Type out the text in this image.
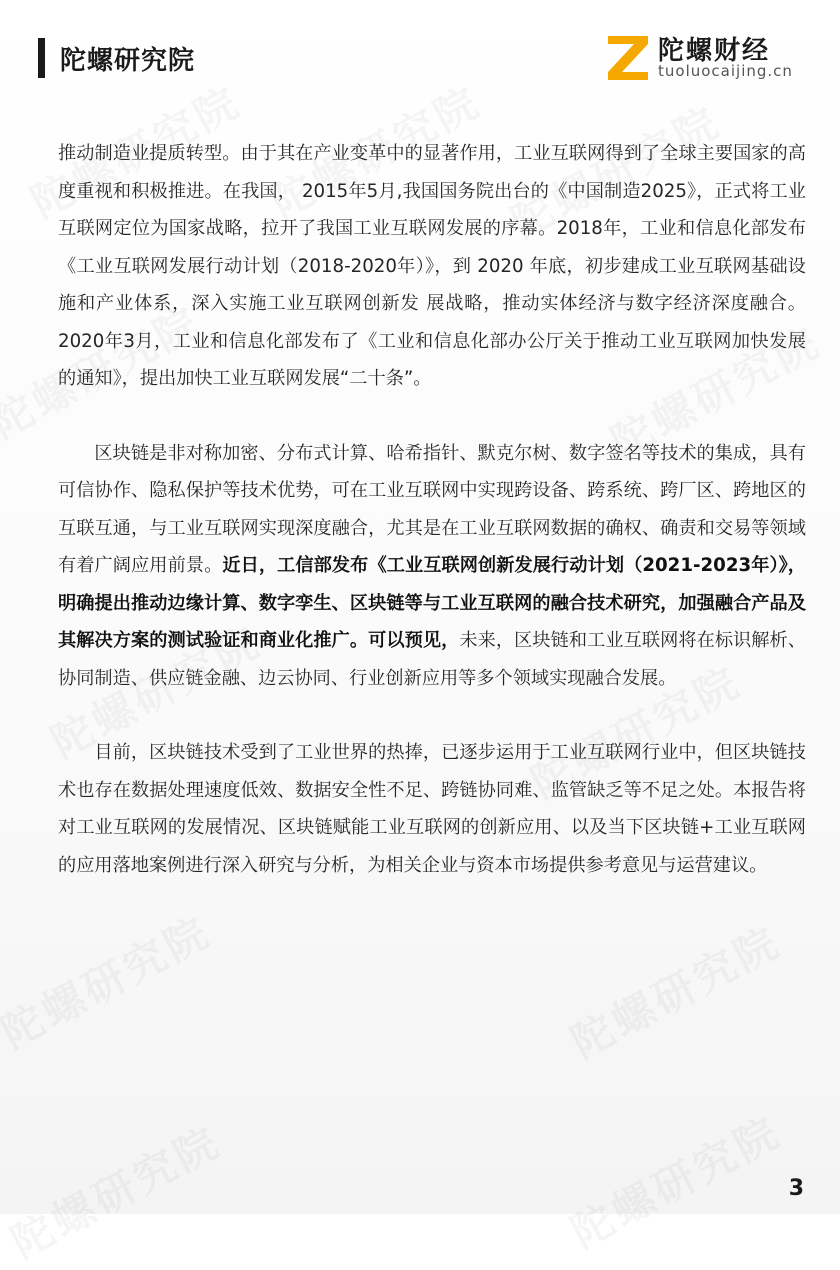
陀螺研究院	陀螺财经
tuoluocaijing.cn

推动制造业提质转型。由于其在产业变革中的显著作用，工业互联网得到了全球主要国家的高度重视和积极推进。在我国， 2015年5月,我国国务院出台的《中国制造2025》，正式将工业互联网定位为国家战略，拉开了我国工业互联网发展的序幕。2018年，工业和信息化部发布《工业互联网发展行动计划（2018-2020年）》，到 2020 年底，初步建成工业互联网基础设施和产业体系，深入实施工业互联网创新发 展战略，推动实体经济与数字经济深度融合。2020年3月，工业和信息化部发布了《工业和信息化部办公厅关于推动工业互联网加快发展的通知》，提出加快工业互联网发展“二十条”。

区块链是非对称加密、分布式计算、哈希指针、默克尔树、数字签名等技术的集成，具有可信协作、隐私保护等技术优势，可在工业互联网中实现跨设备、跨系统、跨厂区、跨地区的互联互通，与工业互联网实现深度融合，尤其是在工业互联网数据的确权、确责和交易等领域有着广阔应用前景。近日，工信部发布《工业互联网创新发展行动计划（2021-2023年）》，明确提出推动边缘计算、数字孪生、区块链等与工业互联网的融合技术研究，加强融合产品及其解决方案的测试验证和商业化推广。可以预见，未来，区块链和工业互联网将在标识解析、协同制造、供应链金融、边云协同、行业创新应用等多个领域实现融合发展。

目前，区块链技术受到了工业世界的热捧，已逐步运用于工业互联网行业中，但区块链技术也存在数据处理速度低效、数据安全性不足、跨链协同难、监管缺乏等不足之处。本报告将对工业互联网的发展情况、区块链赋能工业互联网的创新应用、以及当下区块链+工业互联网的应用落地案例进行深入研究与分析，为相关企业与资本市场提供参考意见与运营建议。

3
